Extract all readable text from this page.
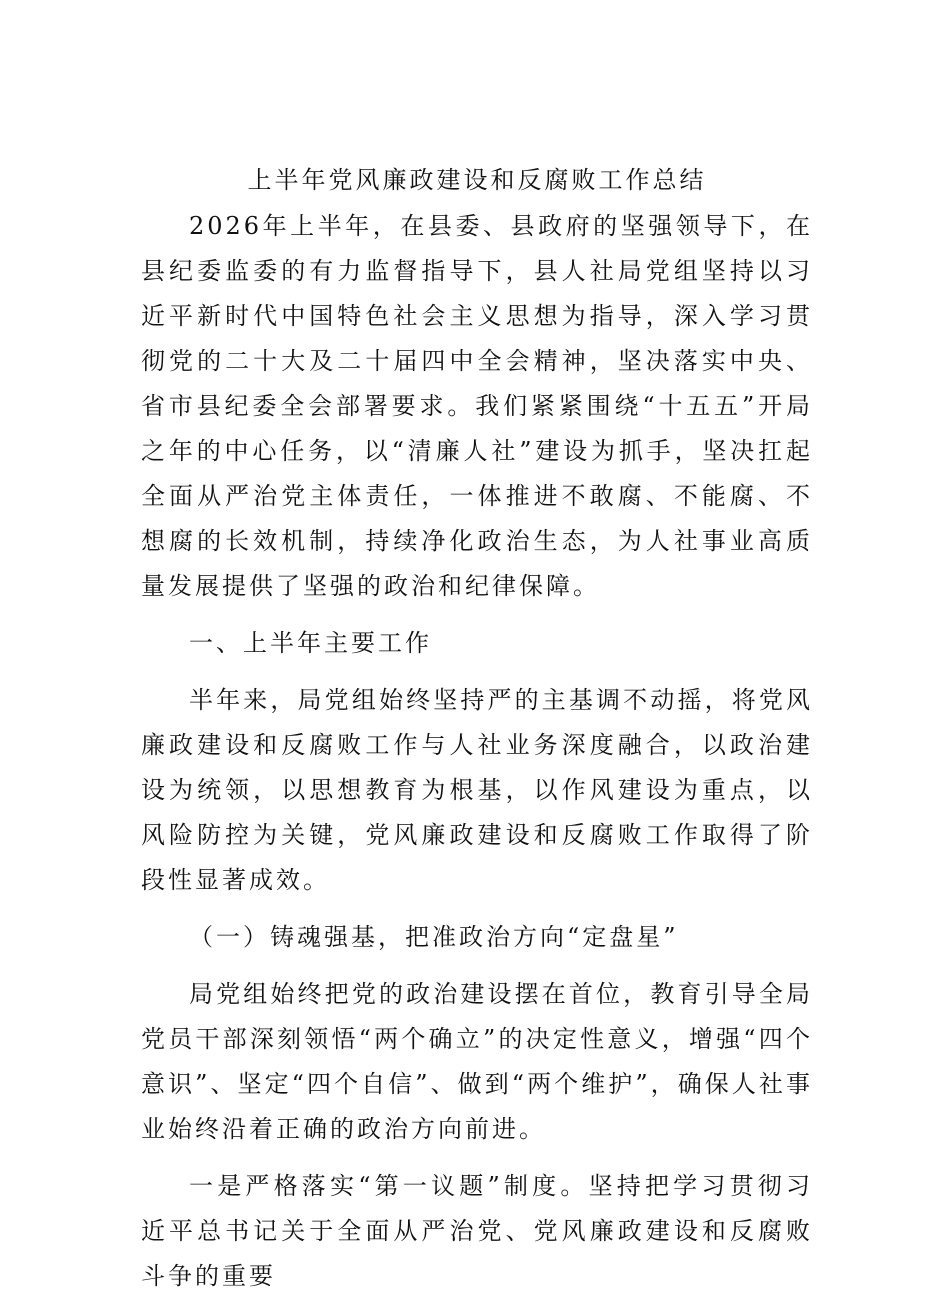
上半年党风廉政建设和反腐败工作总结

2026年上半年，在县委、县政府的坚强领导下，在县纪委监委的有力监督指导下，县人社局党组坚持以习近平新时代中国特色社会主义思想为指导，深入学习贯彻党的二十大及二十届四中全会精神，坚决落实中央、省市县纪委全会部署要求。我们紧紧围绕“十五五”开局之年的中心任务，以“清廉人社”建设为抓手，坚决扛起全面从严治党主体责任，一体推进不敢腐、不能腐、不想腐的长效机制，持续净化政治生态，为人社事业高质量发展提供了坚强的政治和纪律保障。

一、上半年主要工作

半年来，局党组始终坚持严的主基调不动摇，将党风廉政建设和反腐败工作与人社业务深度融合，以政治建设为统领，以思想教育为根基，以作风建设为重点，以风险防控为关键，党风廉政建设和反腐败工作取得了阶段性显著成效。

（一）铸魂强基，把准政治方向“定盘星”

局党组始终把党的政治建设摆在首位，教育引导全局党员干部深刻领悟“两个确立”的决定性意义，增强“四个意识”、坚定“四个自信”、做到“两个维护”，确保人社事业始终沿着正确的政治方向前进。

一是严格落实“第一议题”制度。坚持把学习贯彻习近平总书记关于全面从严治党、党风廉政建设和反腐败斗争的重要
